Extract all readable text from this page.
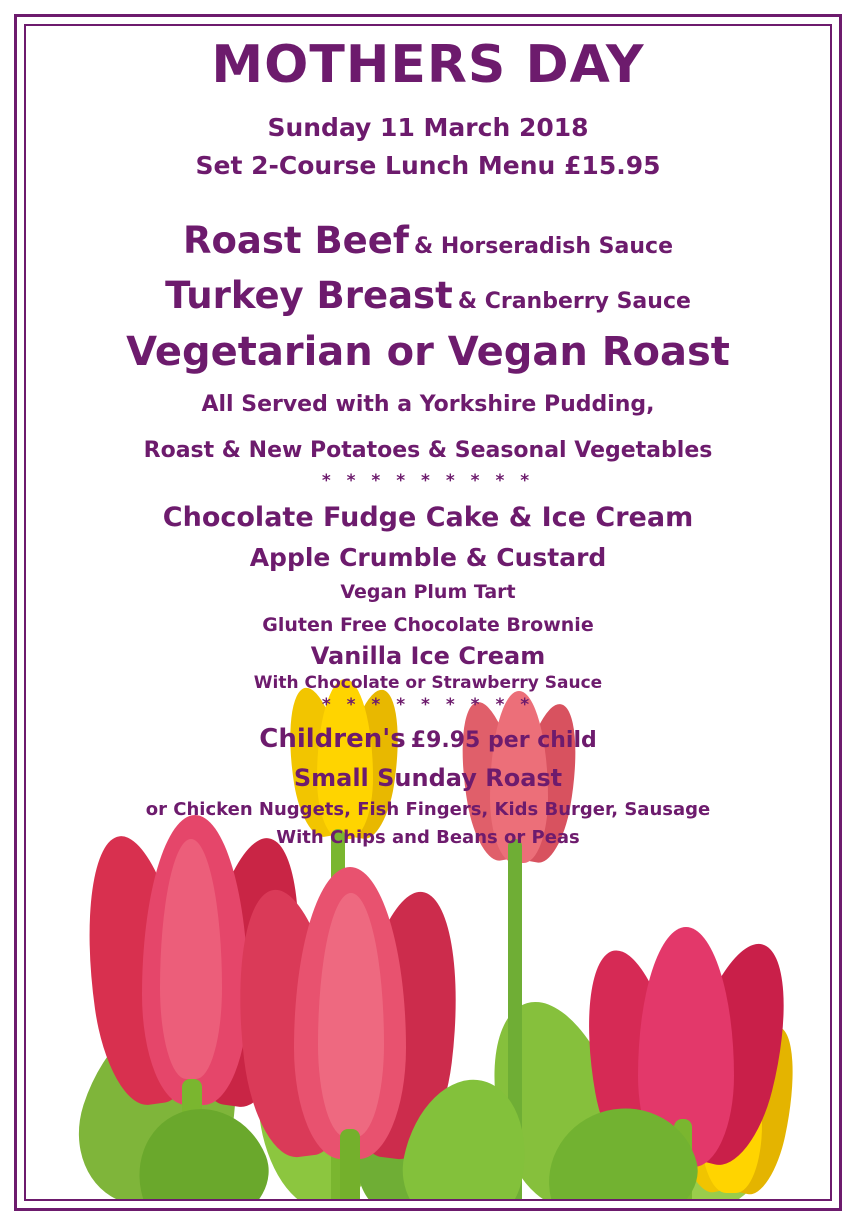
MOTHERS DAY
Sunday 11 March 2018
Set 2-Course Lunch Menu £15.95
Roast Beef & Horseradish Sauce
Turkey Breast & Cranberry Sauce
Vegetarian or Vegan Roast
All Served with a Yorkshire Pudding,
Roast & New Potatoes & Seasonal Vegetables
* * * * * * * * *
Chocolate Fudge Cake & Ice Cream
Apple Crumble & Custard
Vegan Plum Tart
Gluten Free Chocolate Brownie
Vanilla Ice Cream
With Chocolate or Strawberry Sauce
* * * * * * * * *
Children's £9.95 per child
Small Sunday Roast
or Chicken Nuggets, Fish Fingers, Kids Burger, Sausage
With Chips and Beans or Peas
